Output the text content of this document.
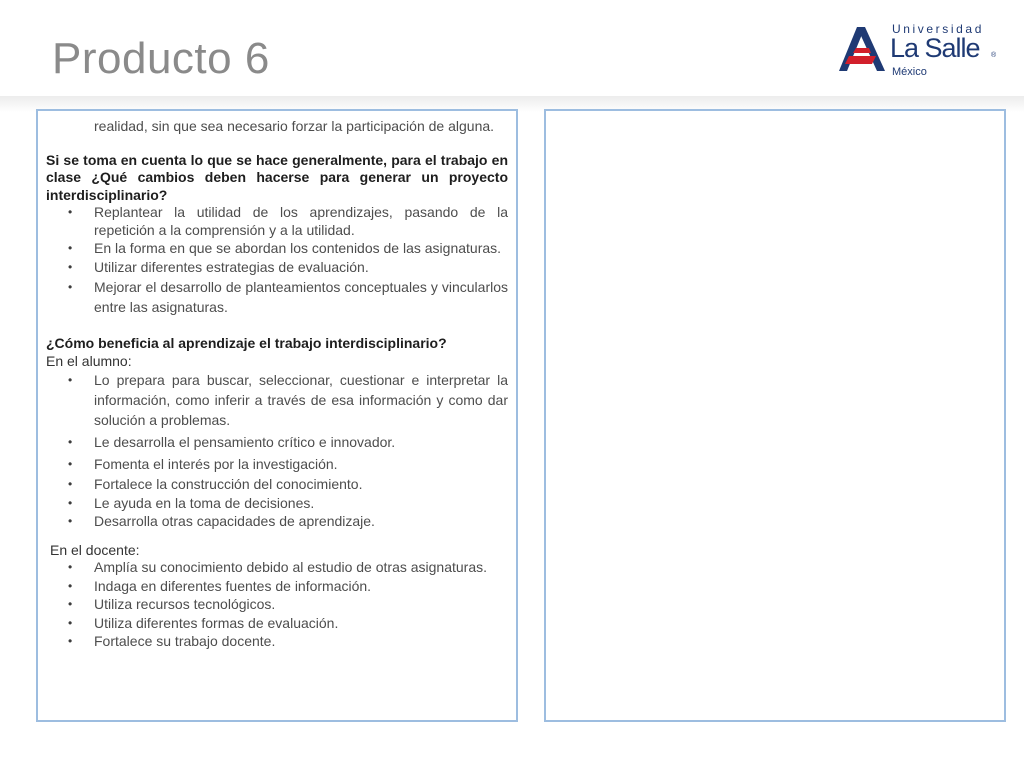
Producto 6
Universidad
La Salle ®
México

realidad, sin que sea necesario forzar la participación de alguna.

Si se toma en cuenta lo que se hace generalmente, para el trabajo en clase ¿Qué cambios deben hacerse para generar un proyecto interdisciplinario?

• Replantear la utilidad de los aprendizajes, pasando de la repetición a la comprensión y a la utilidad.
• En la forma en que se abordan los contenidos de las asignaturas.
• Utilizar diferentes estrategias de evaluación.
• Mejorar el desarrollo de planteamientos conceptuales y vincularlos entre las asignaturas.

¿Cómo beneficia al aprendizaje el trabajo interdisciplinario?

En el alumno:

• Lo prepara para buscar, seleccionar, cuestionar e interpretar la información, como inferir a través de esa información y como dar solución a problemas.
• Le desarrolla el pensamiento crítico e innovador.
• Fomenta el interés por la investigación.
• Fortalece la construcción del conocimiento.
• Le ayuda en la toma de decisiones.
• Desarrolla otras capacidades de aprendizaje.

En el docente:

• Amplía su conocimiento debido al estudio de otras asignaturas.
• Indaga en diferentes fuentes de información.
• Utiliza recursos tecnológicos.
• Utiliza diferentes formas de evaluación.
• Fortalece su trabajo docente.
